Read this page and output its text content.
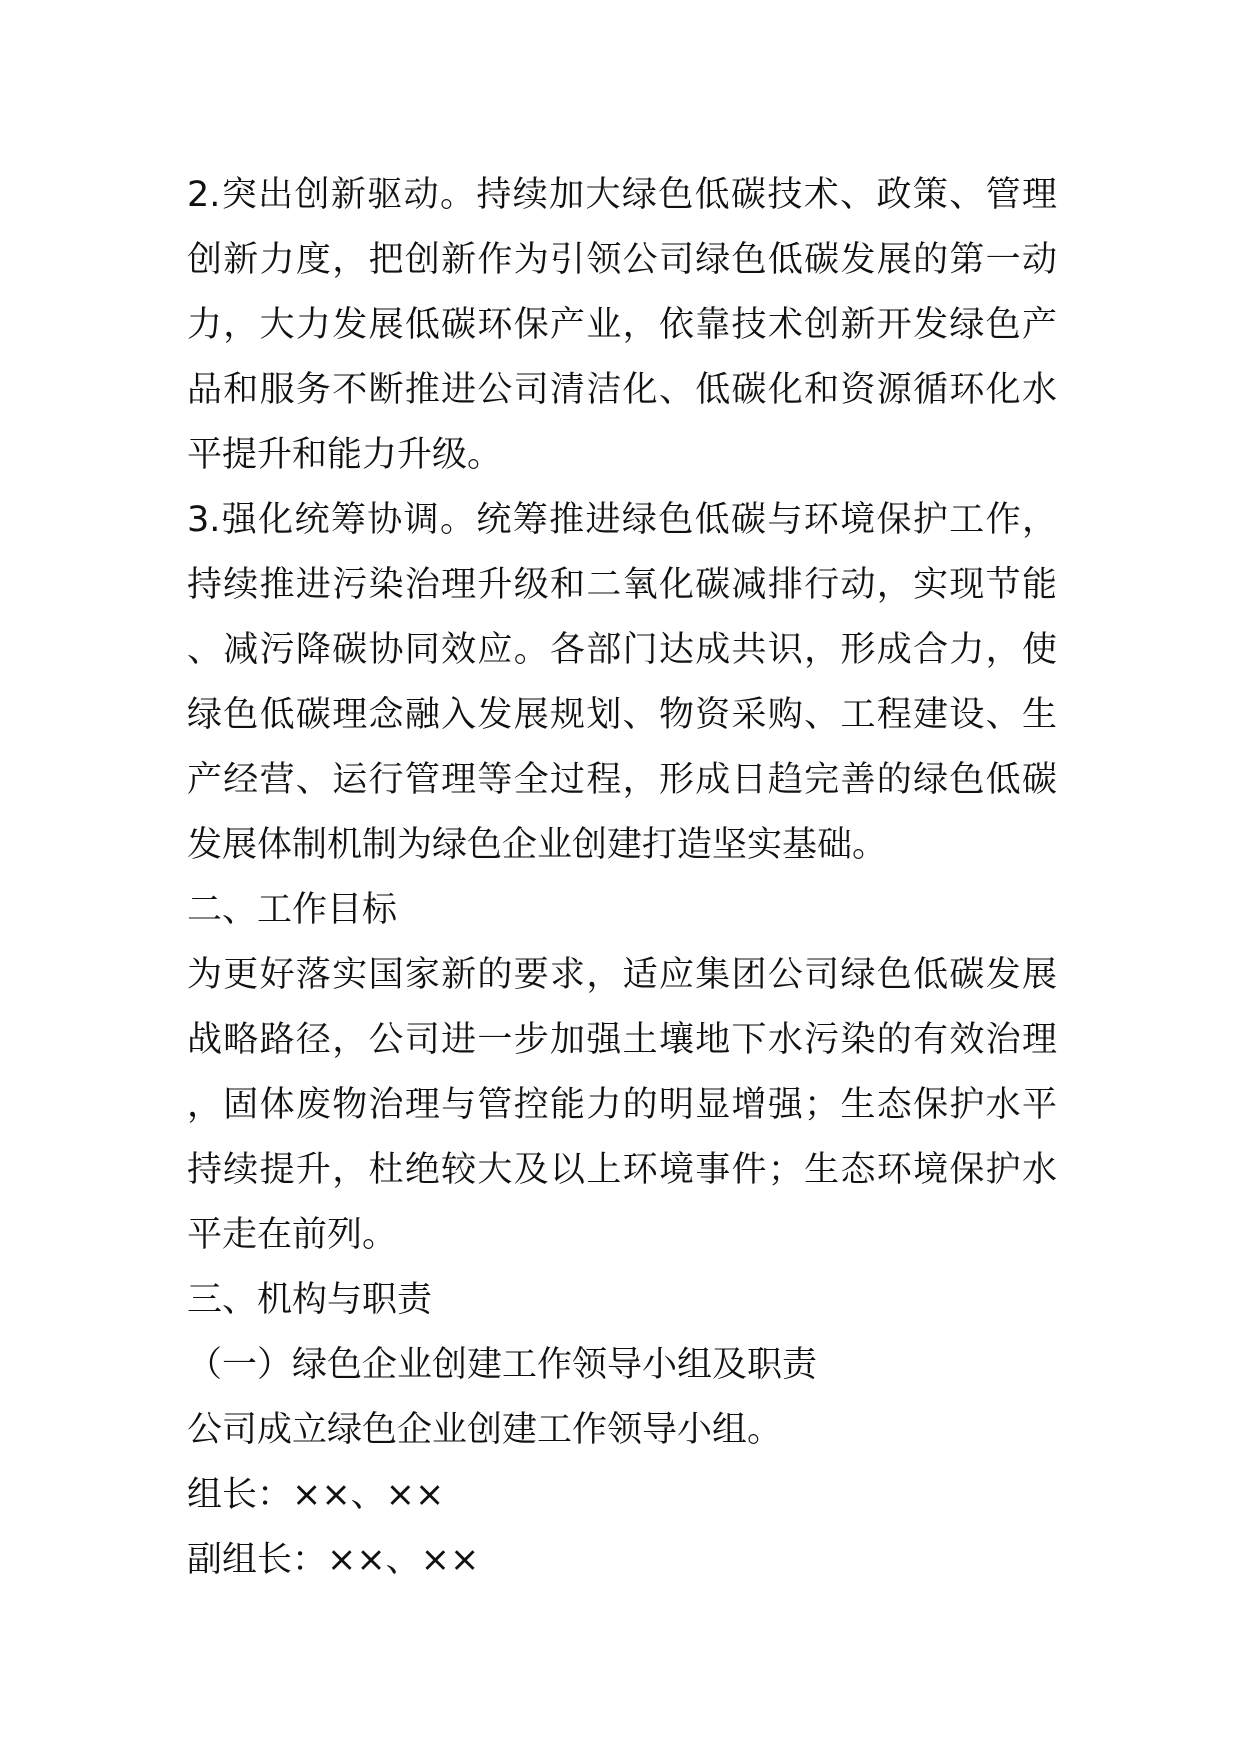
2.突出创新驱动。持续加大绿色低碳技术、政策、管理创新力度，把创新作为引领公司绿色低碳发展的第一动力，大力发展低碳环保产业，依靠技术创新开发绿色产品和服务不断推进公司清洁化、低碳化和资源循环化水平提升和能力升级。

3.强化统筹协调。统筹推进绿色低碳与环境保护工作，持续推进污染治理升级和二氧化碳减排行动，实现节能、减污降碳协同效应。各部门达成共识，形成合力，使绿色低碳理念融入发展规划、物资采购、工程建设、生产经营、运行管理等全过程，形成日趋完善的绿色低碳发展体制机制为绿色企业创建打造坚实基础。

二、工作目标

为更好落实国家新的要求，适应集团公司绿色低碳发展战略路径，公司进一步加强土壤地下水污染的有效治理，固体废物治理与管控能力的明显增强；生态保护水平持续提升，杜绝较大及以上环境事件；生态环境保护水平走在前列。

三、机构与职责

（一）绿色企业创建工作领导小组及职责

公司成立绿色企业创建工作领导小组。

组长：××、××

副组长：××、××
